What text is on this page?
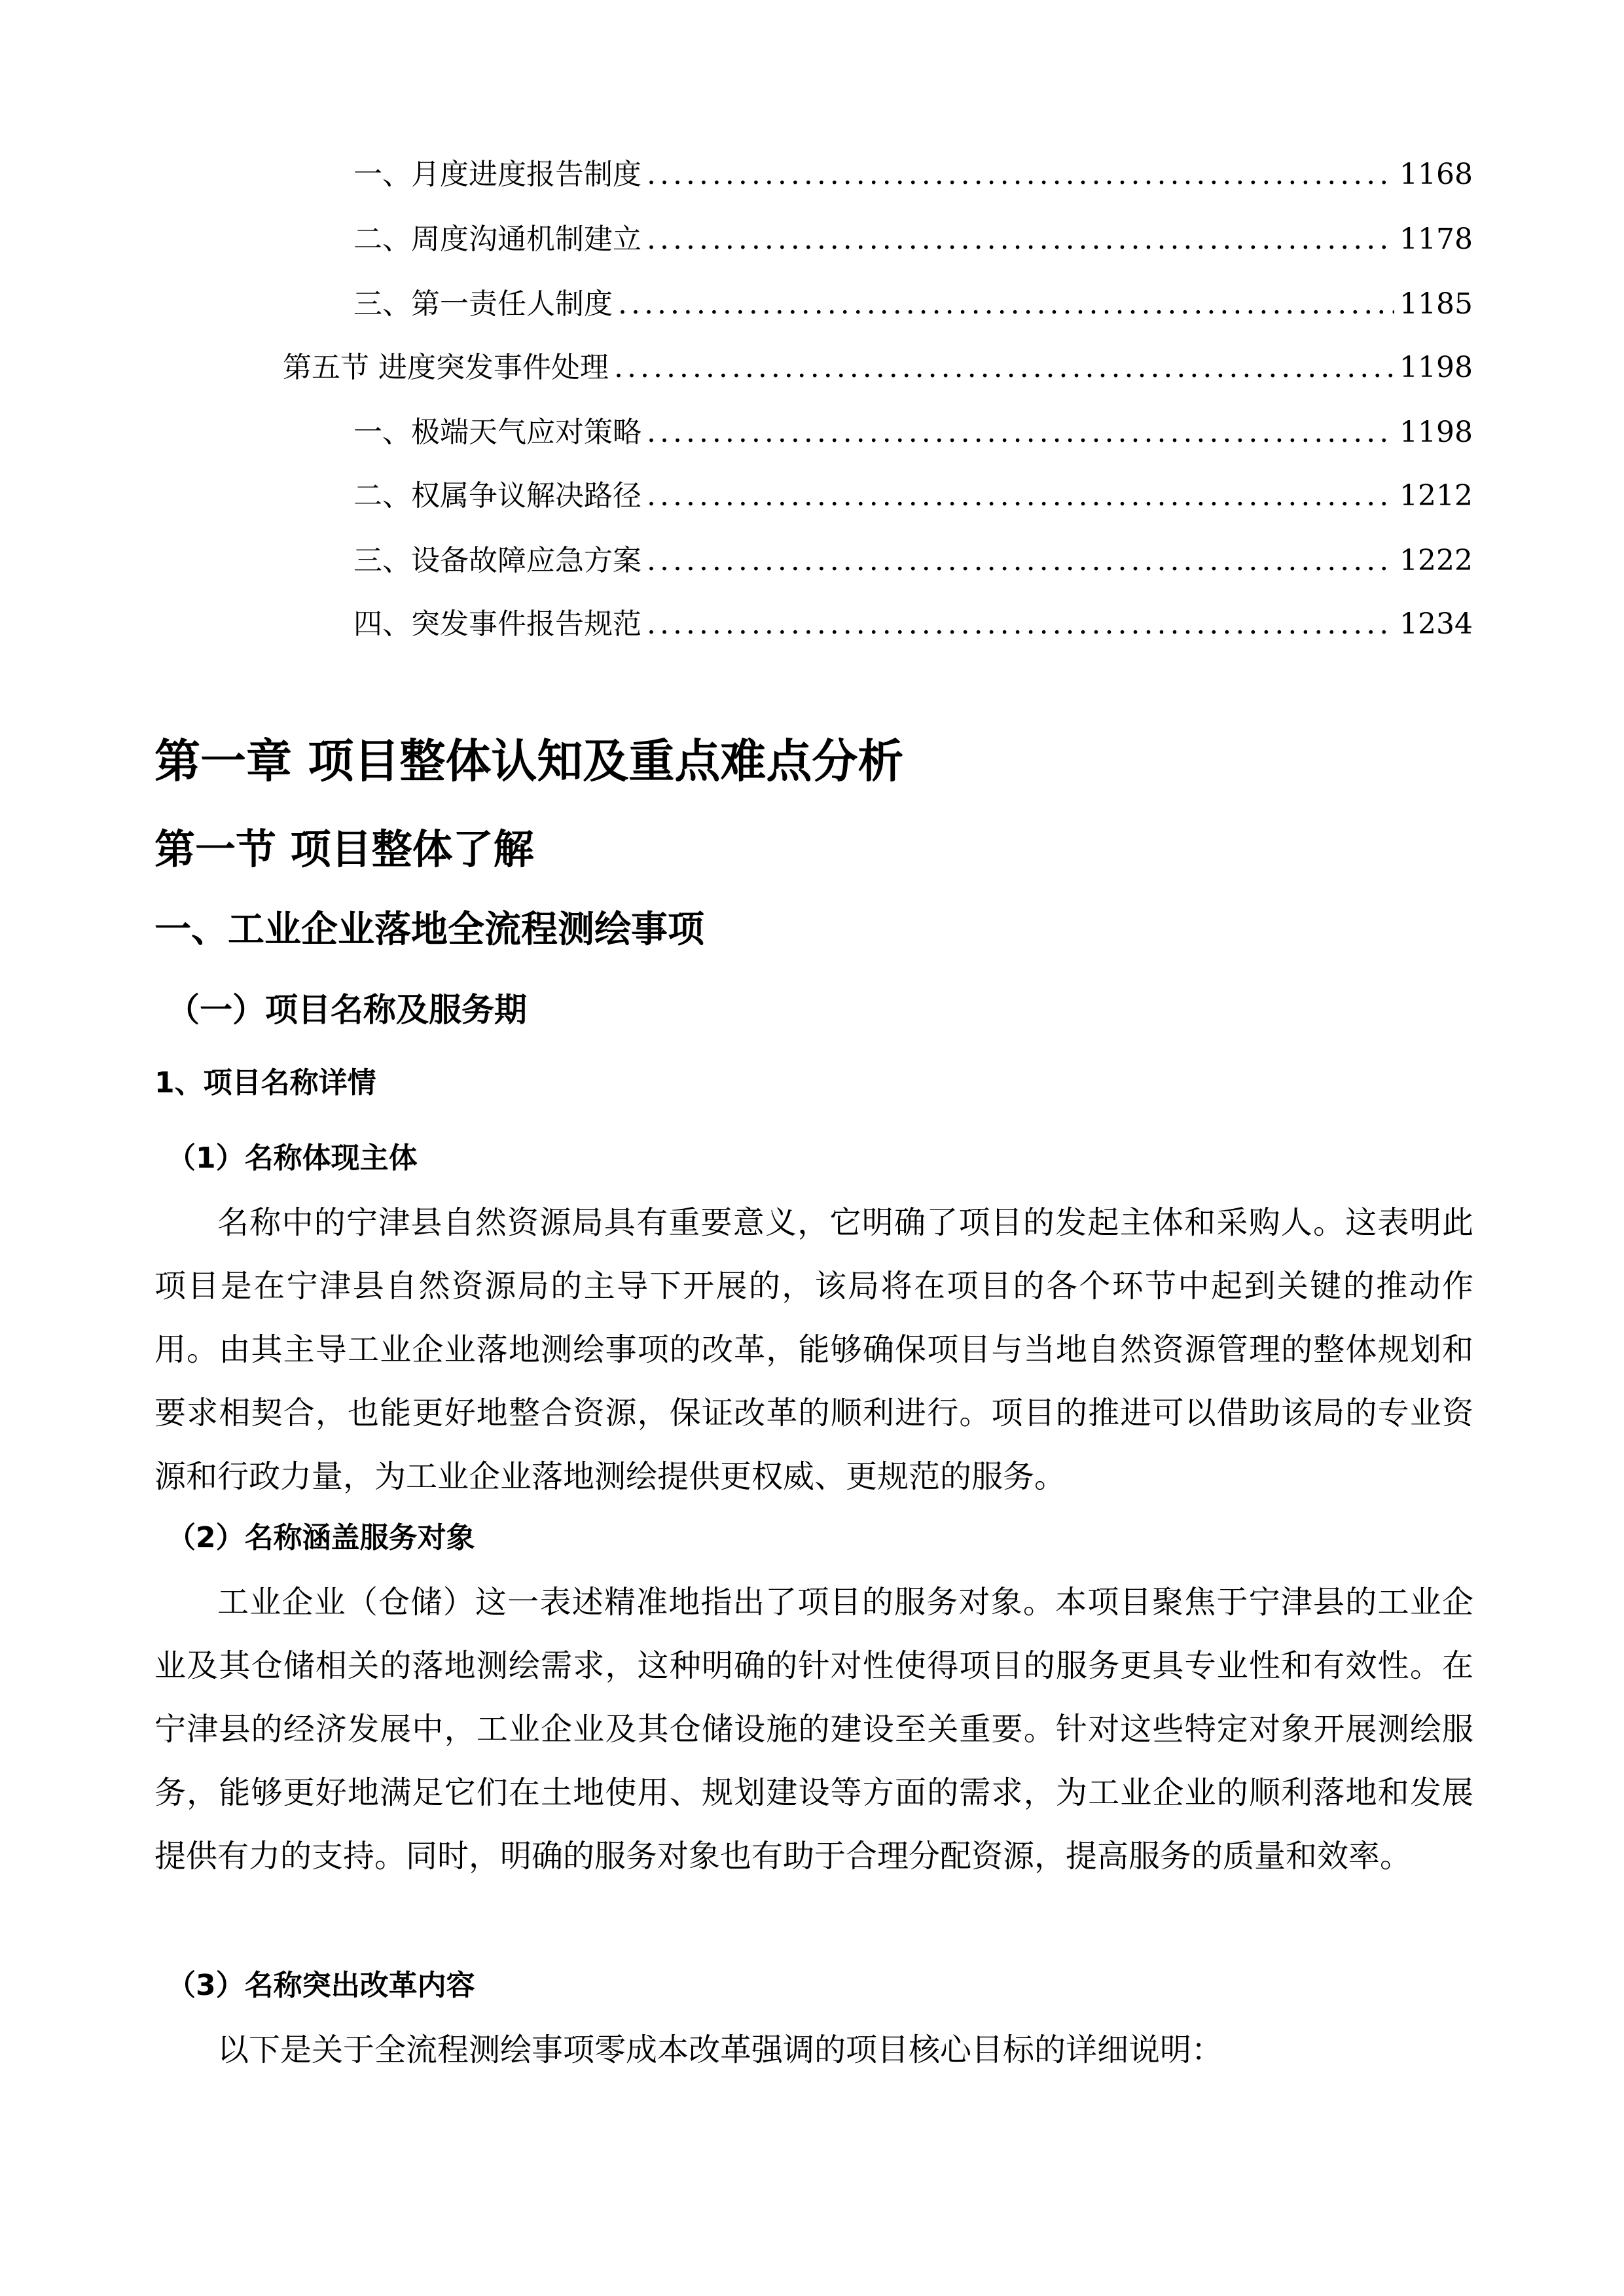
一、 月度进度报告制度 .....	1168
二、 周度沟通机制建立 .....	1178
三、 第一责任人制度 .....	1185
第五节 进度突发事件处理 .....	1198
一、 极端天气应对策略 .....	1198
二、 权属争议解决路径 .....	1212
三、 设备故障应急方案 .....	1222
四、 突发事件报告规范 .....	1234
第一章 项目整体认知及重点难点分析
第一节 项目整体了解
一、工业企业落地全流程测绘事项
（一）项目名称及服务期
1、项目名称详情
（1）名称体现主体
名称中的宁津县自然资源局具有重要意义，它明确了项目的发起主体和采购人。这表明此项目是在宁津县自然资源局的主导下开展的，该局将在项目的各个环节中起到关键的推动作用。由其主导工业企业落地测绘事项的改革，能够确保项目与当地自然资源管理的整体规划和要求相契合，也能更好地整合资源，保证改革的顺利进行。项目的推进可以借助该局的专业资源和行政力量，为工业企业落地测绘提供更权威、更规范的服务。
（2）名称涵盖服务对象
工业企业（仓储）这一表述精准地指出了项目的服务对象。本项目聚焦于宁津县的工业企业及其仓储相关的落地测绘需求，这种明确的针对性使得项目的服务更具专业性和有效性。在宁津县的经济发展中，工业企业及其仓储设施的建设至关重要。针对这些特定对象开展测绘服务，能够更好地满足它们在土地使用、规划建设等方面的需求，为工业企业的顺利落地和发展提供有力的支持。同时，明确的服务对象也有助于合理分配资源，提高服务的质量和效率。
（3）名称突出改革内容
以下是关于全流程测绘事项零成本改革强调的项目核心目标的详细说明：
